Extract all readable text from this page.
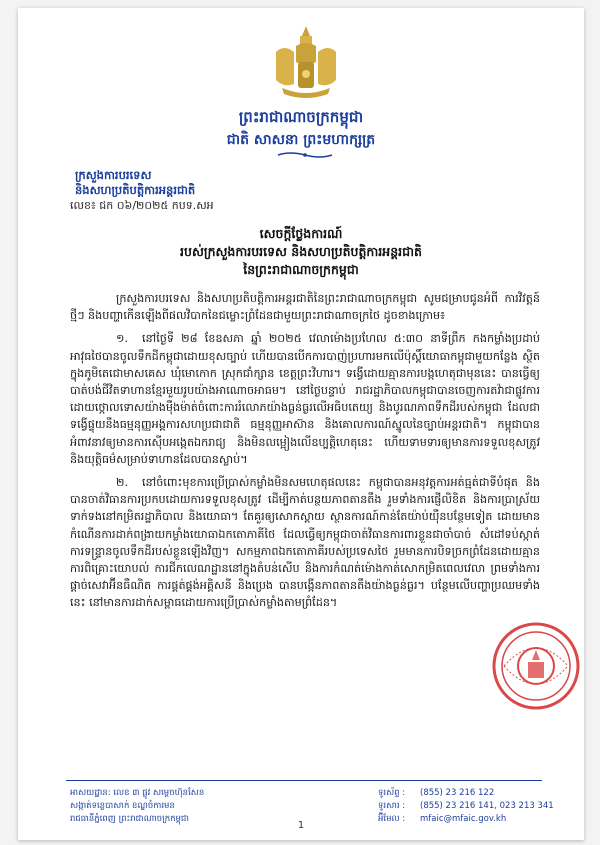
ព្រះរាជាណាចក្រកម្ពុជា
ជាតិ សាសនា ព្រះមហាក្សត្រ
ក្រសួងការបរទេស
និងសហប្រតិបត្តិការអន្តរជាតិ
លេខ៖ ជក ០៦/២០២៥ កបទ.សអ
សេចក្តីថ្លែងការណ៍
របស់ក្រសួងការបរទេស និងសហប្រតិបត្តិការអន្តរជាតិ
នៃព្រះរាជាណាចក្រកម្ពុជា

ក្រសួងការបរទេស និងសហប្រតិបត្តិការអន្តរជាតិនៃព្រះរាជាណាចក្រកម្ពុជា សូមជម្រាបជូនអំពី ការវិវត្តន៍ថ្មីៗ និងបញ្ហាកើនឡើងពីផលវិបាកនៃជម្លោះព្រំដែនជាមួយព្រះរាជាណាចក្រថៃ ដូចខាងក្រោម៖

១. នៅថ្ងៃទី ២៨ ខែឧសភា ឆ្នាំ ២០២៥ វេលាម៉ោងប្រហែល ៥:៣០ នាទីព្រឹក កងកម្លាំងប្រដាប់អាវុធថៃបានចូលទឹកដីកម្ពុជាដោយខុសច្បាប់ ហើយបានបើកការបាញ់ប្រហារមកលើប៉ុស្តិ៍យោធាកម្ពុជាមួយកន្លែង ស្ថិតក្នុងភូមិតេជោមាសគេស ឃុំមោកោក ស្រុកជាំក្សាន ខេត្តព្រះវិហារ។ ទង្វើដោយគ្មានការបង្កហេតុជាមុននេះ បានធ្វើឲ្យបាត់បង់ជីវិតទាហានខ្មែរមួយរូបយ៉ាងអាណោចអាធម។ នៅថ្ងៃបន្ទាប់ រាជរដ្ឋាភិបាលកម្ពុជាបានចេញការតវ៉ាជាផ្លូវការ ដោយថ្កោលទោសយ៉ាងម៉ឺងម៉ាត់ចំពោះការរំលោភយ៉ាងធ្ងន់ធ្ងរលើអធិបតេយ្យ និងបូរណភាពទឹកដីរបស់កម្ពុជា ដែលជាទង្វើផ្ទុយនឹងធម្មនុញ្ញអង្គការសហប្រជាជាតិ ធម្មនុញ្ញអាស៊ាន និងគោលការណ៍ស្នូលនៃច្បាប់អន្តរជាតិ។ កម្ពុជាបានអំពាវនាវឲ្យមានការស៊ើបអង្កេតឯករាជ្យ និងមិនលម្អៀងលើឧប្បត្តិហេតុនេះ ហើយទាមទារឲ្យមានការទទួលខុសត្រូវ និងយុត្តិធម៌សម្រាប់ទាហានដែលបានស្លាប់។

២. នៅចំពោះមុខការប្រើប្រាស់កម្លាំងមិនសមហេតុផលនេះ កម្ពុជាបានអនុវត្តការអត់ធ្មត់ជាទីបំផុត និងបានចាត់វិធានការប្រកបដោយការទទួលខុសត្រូវ ដើម្បីកាត់បន្ថយភាពតានតឹង រួមទាំងការផ្ញើលិខិត និងការប្រាស្រ័យទាក់ទងនៅកម្រិតរដ្ឋាភិបាល និងយោធា។ តែគួរឲ្យសោកស្តាយ ស្ថានការណ៍កាន់តែយ៉ាប់យ៉ឺនបន្ថែមទៀត ដោយមានកំណើនការដាក់ពង្រាយកម្លាំងយោធាឯកតោភាគីថៃ ដែលធ្វើឲ្យកម្ពុជាចាត់វិធានការពារខ្លួនជាចាំបាច់ សំដៅទប់ស្កាត់ការទន្ទ្រានចូលទឹកដីរបស់ខ្លួនឡើងវិញ។ សកម្មភាពឯកតោភាគីរបស់ប្រទេសថៃ រួមមានការបិទច្រកព្រំដែនដោយគ្មានការពិគ្រោះយោបល់ ការជីកលេណដ្ឋាននៅក្នុងតំបន់សើប និងការកំណត់ម៉ោងកាត់សោកម្រិតពេលវេលា ព្រមទាំងការផ្តាច់សេវាអ៊ីនធឺណិត ការផ្គត់ផ្គង់អគ្គិសនី និងប្រេង បានបង្កើនភាពតានតឹងយ៉ាងធ្ងន់ធ្ងរ។ បន្ថែមលើបញ្ហាប្រឈមទាំងនេះ នៅមានការដាក់សម្ពាធដោយការប្រើប្រាស់កម្លាំងតាមព្រំដែន។

អាសយដ្ឋាន: លេខ ៣ ផ្លូវ សម្តេចហ៊ុនសែន
សង្កាត់ទន្លេបាសាក់ ខណ្ឌចំការមន
រាជធានីភ្នំពេញ ព្រះរាជាណាចក្រកម្ពុជា
ទូរស័ព្ទ :	(855) 23 216 122
ទូរសារ :	(855) 23 216 141, 023 213 341
អ៊ីមែល :	mfaic@mfaic.gov.kh
1
